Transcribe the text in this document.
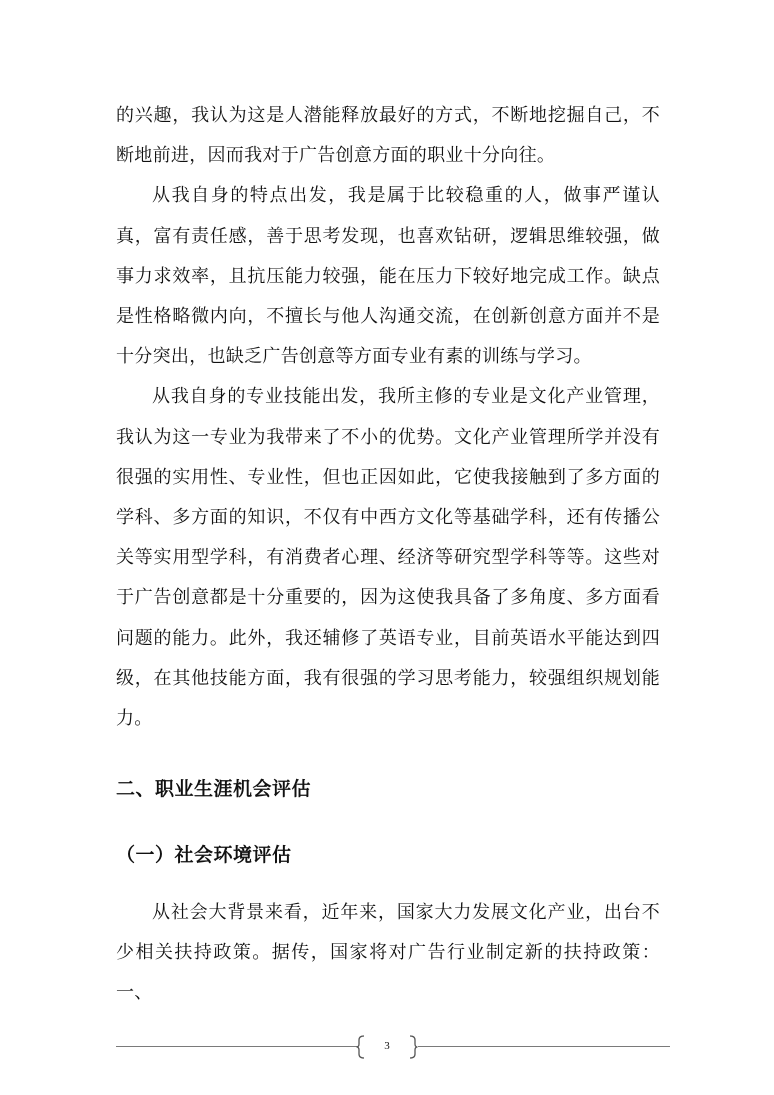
的兴趣，我认为这是人潜能释放最好的方式，不断地挖掘自己，不断地前进，因而我对于广告创意方面的职业十分向往。

从我自身的特点出发，我是属于比较稳重的人，做事严谨认真，富有责任感，善于思考发现，也喜欢钻研，逻辑思维较强，做事力求效率，且抗压能力较强，能在压力下较好地完成工作。缺点是性格略微内向，不擅长与他人沟通交流，在创新创意方面并不是十分突出，也缺乏广告创意等方面专业有素的训练与学习。

从我自身的专业技能出发，我所主修的专业是文化产业管理，我认为这一专业为我带来了不小的优势。文化产业管理所学并没有很强的实用性、专业性，但也正因如此，它使我接触到了多方面的学科、多方面的知识，不仅有中西方文化等基础学科，还有传播公关等实用型学科，有消费者心理、经济等研究型学科等等。这些对于广告创意都是十分重要的，因为这使我具备了多角度、多方面看问题的能力。此外，我还辅修了英语专业，目前英语水平能达到四级，在其他技能方面，我有很强的学习思考能力，较强组织规划能力。

二、职业生涯机会评估
（一）社会环境评估

从社会大背景来看，近年来，国家大力发展文化产业，出台不少相关扶持政策。据传，国家将对广告行业制定新的扶持政策：一、

3
